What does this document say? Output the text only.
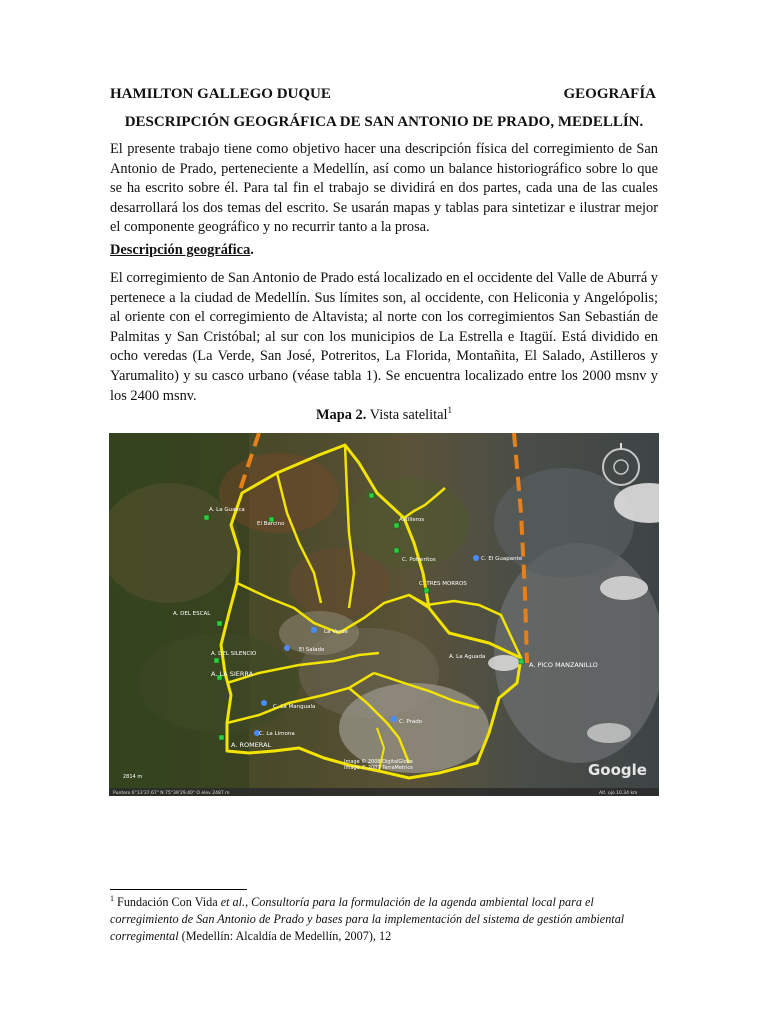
HAMILTON GALLEGO DUQUE	GEOGRAFÍA
DESCRIPCIÓN GEOGRÁFICA DE SAN ANTONIO DE PRADO, MEDELLÍN.
El presente trabajo tiene como objetivo hacer una descripción física del corregimiento de San Antonio de Prado, perteneciente a Medellín, así como un balance historiográfico sobre lo que se ha escrito sobre él. Para tal fin el trabajo se dividirá en dos partes, cada una de las cuales desarrollará los dos temas del escrito. Se usarán mapas y tablas para sintetizar e ilustrar mejor el componente geográfico y no recurrir tanto a la prosa.
Descripción geográfica.
El corregimiento de San Antonio de Prado está localizado en el occidente del Valle de Aburrá y pertenece a la ciudad de Medellín. Sus límites son, al occidente, con Heliconia y Angelópolis; al oriente con el corregimiento de Altavista; al norte con los corregimientos San Sebastián de Palmitas y San Cristóbal; al sur con los municipios de La Estrella e Itagüí. Está dividido en ocho veredas (La Verde, San José, Potreritos, La Florida, Montañita, El Salado, Astilleros y Yarumalito) y su casco urbano (véase tabla 1). Se encuentra localizado entre los 2000 msnv y los 2400 msnv.
Mapa 2. Vista satelital$^1$
A. DEL ESCAL
A. DEL SILENCIO
A. La Guasca
El Barcino
Astilleros
C. Potreritos
C. TRES MORROS
La Verde
El Salado
C. La Manguala
C. La Limona
C. Prado
C. El Guapante
A. La Aguada
A. LA SIERRA
A. ROMERAL
A. PICO MANZANILLO
Google
2814 m
Image © 2008 DigitalGlobe Image © 2007 TerraMetrics
Puntero 6°13'37.67" N 75°39'29.40" O elev 2487 m	Alt. ojo 10.34 km
$^1$ Fundación Con Vida et al., Consultoría para la formulación de la agenda ambiental local para el corregimiento de San Antonio de Prado y bases para la implementación del sistema de gestión ambiental corregimental (Medellín: Alcaldía de Medellín, 2007), 12
